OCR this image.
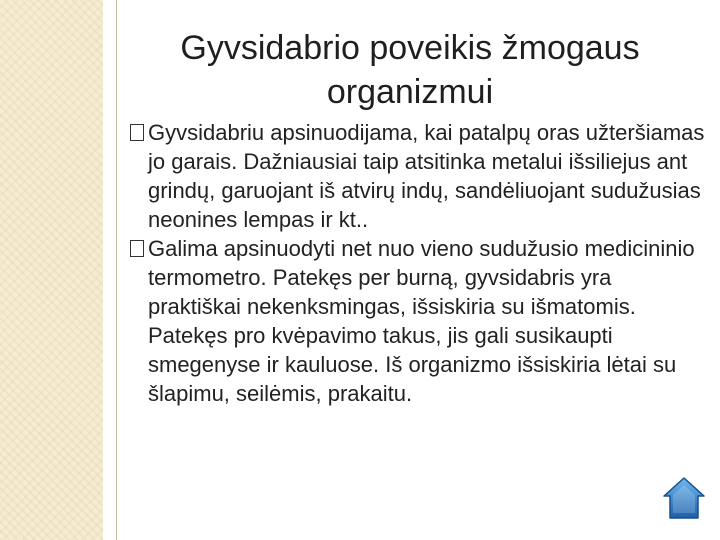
Gyvsidabrio poveikis žmogaus organizmui
Gyvsidabriu apsinuodijama, kai patalpų oras užteršiamas jo garais. Dažniausiai taip atsitinka metalui išsiliejus ant grindų, garuojant iš atvirų indų, sandėliuojant sudužusias neonines lempas ir kt..
Galima apsinuodyti net nuo vieno sudužusio medicininio termometro. Patekęs per burną, gyvsidabris yra praktiškai nekenksmingas, išsiskiria su išmatomis. Patekęs pro kvėpavimo takus, jis gali susikaupti smegenyse ir kauluose. Iš organizmo išsiskiria lėtai su šlapimu, seilėmis, prakaitu.
